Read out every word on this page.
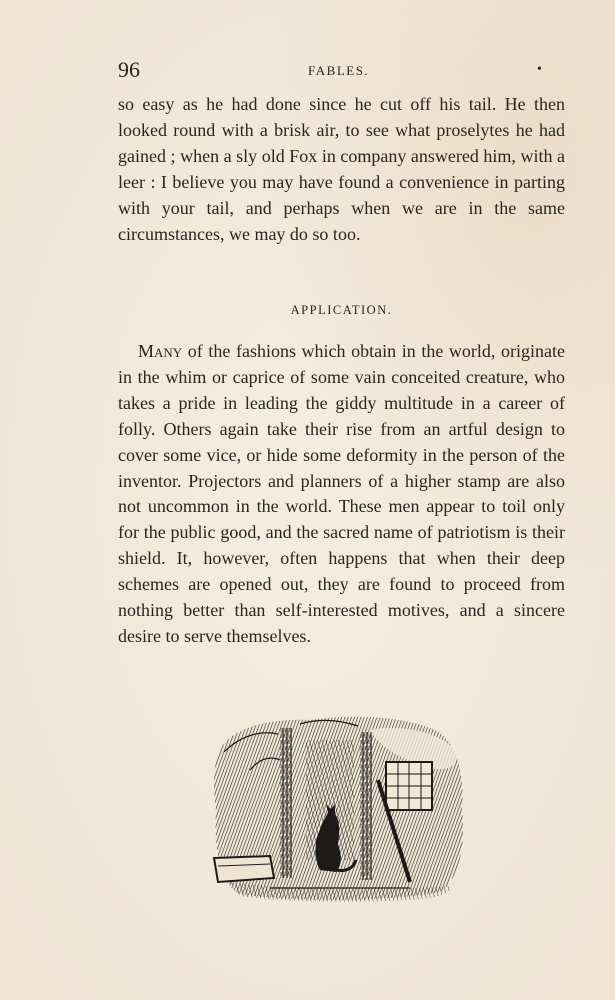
96	FABLES.	•

so easy as he had done since he cut off his tail. He then looked round with a brisk air, to see what proselytes he had gained ; when a sly old Fox in company answered him, with a leer : I believe you may have found a convenience in parting with your tail, and perhaps when we are in the same circumstances, we may do so too.

APPLICATION.

Many of the fashions which obtain in the world, originate in the whim or caprice of some vain conceited creature, who takes a pride in leading the giddy multitude in a career of folly. Others again take their rise from an artful design to cover some vice, or hide some deformity in the person of the inventor. Projectors and planners of a higher stamp are also not uncommon in the world. These men appear to toil only for the public good, and the sacred name of patriotism is their shield. It, however, often happens that when their deep schemes are opened out, they are found to proceed from nothing better than self-interested motives, and a sincere desire to serve themselves.
